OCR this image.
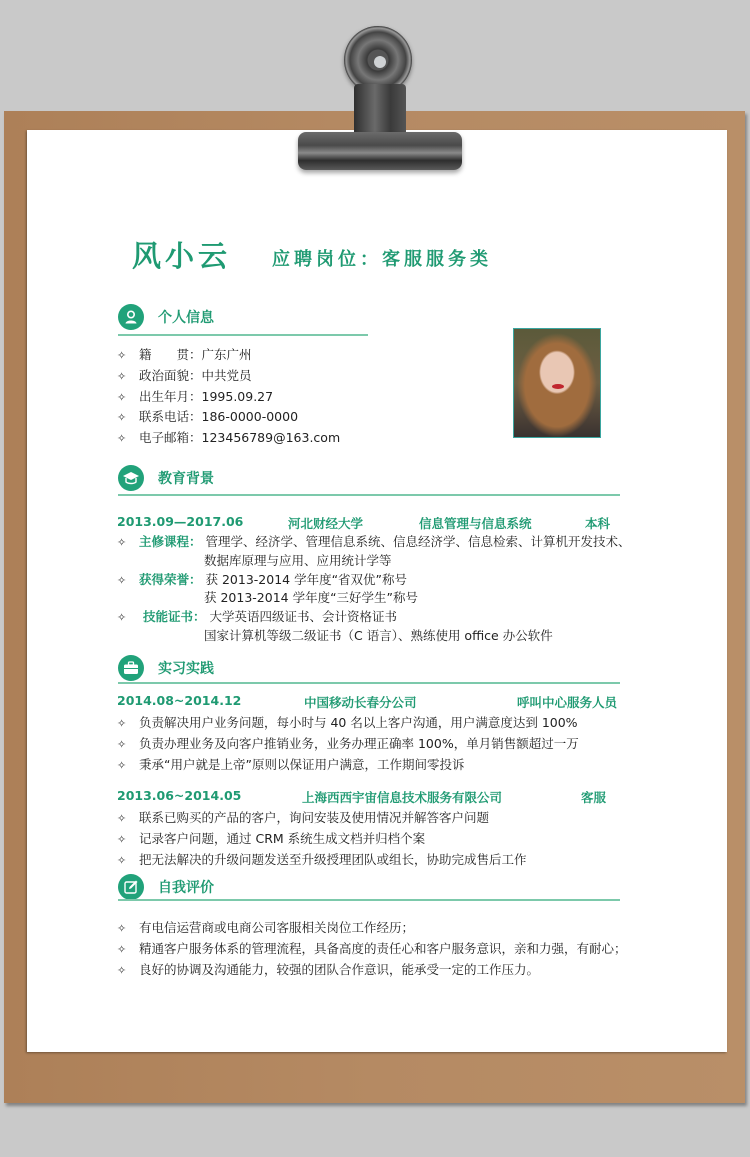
风小云 应聘岗位：客服服务类
个人信息
✧ 籍　　贯：广东广州
✧ 政治面貌：中共党员
✧ 出生年月：1995.09.27
✧ 联系电话：186-0000-0000
✧ 电子邮箱：123456789@163.com
教育背景
2013.09—2017.06	河北财经大学	信息管理与信息系统	本科
✧ 主修课程： 管理学、经济学、管理信息系统、信息经济学、信息检索、计算机开发技术、
数据库原理与应用、应用统计学等
✧ 获得荣誉： 获 2013-2014 学年度“省双优”称号
获 2013-2014 学年度“三好学生”称号
✧ 技能证书： 大学英语四级证书、会计资格证书
国家计算机等级二级证书（C 语言）、熟练使用 office 办公软件
实习实践
2014.08~2014.12	中国移动长春分公司	呼叫中心服务人员
✧ 负责解决用户业务问题，每小时与 40 名以上客户沟通，用户满意度达到 100%
✧ 负责办理业务及向客户推销业务，业务办理正确率 100%，单月销售额超过一万
✧ 秉承“用户就是上帝”原则以保证用户满意，工作期间零投诉
2013.06~2014.05	上海西西宇宙信息技术服务有限公司	客服
✧ 联系已购买的产品的客户，询问安装及使用情况并解答客户问题
✧ 记录客户问题，通过 CRM 系统生成文档并归档个案
✧ 把无法解决的升级问题发送至升级授理团队或组长，协助完成售后工作
自我评价
✧ 有电信运营商或电商公司客服相关岗位工作经历；
✧ 精通客户服务体系的管理流程，具备高度的责任心和客户服务意识，亲和力强，有耐心；
✧ 良好的协调及沟通能力，较强的团队合作意识，能承受一定的工作压力。
